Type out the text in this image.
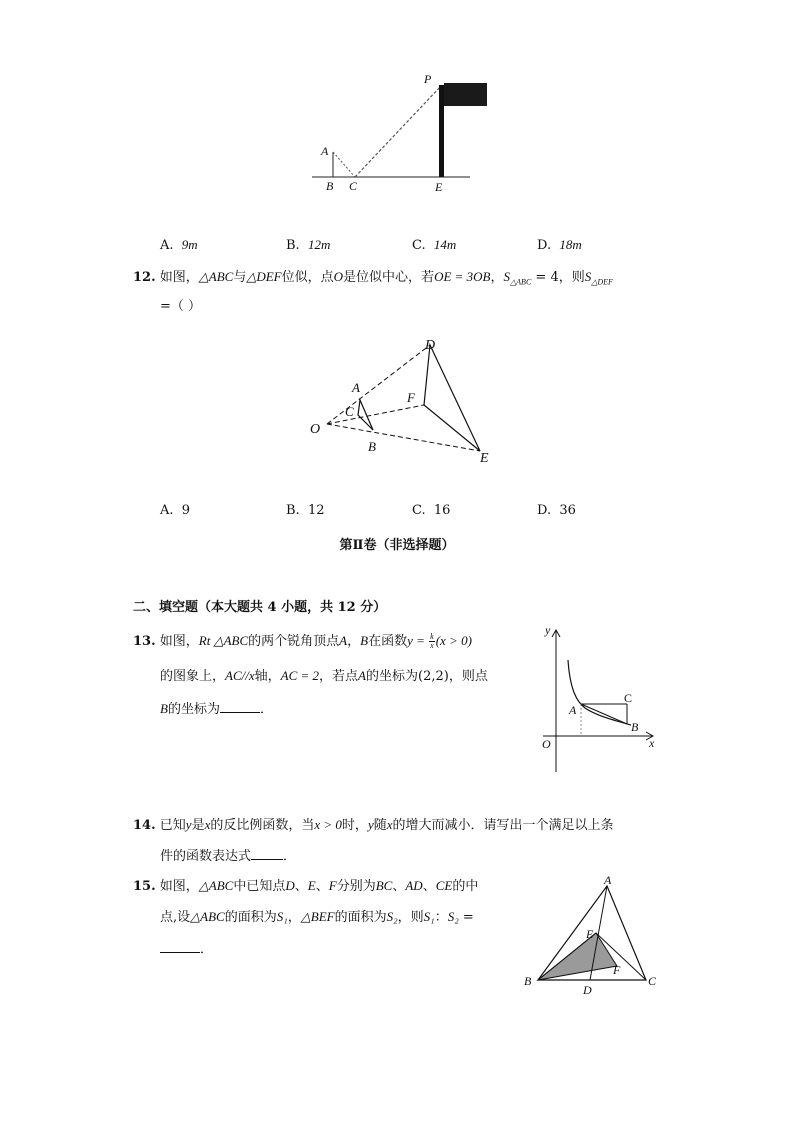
P
A
B C	E
A. 9m	B. 12m	C. 14m	D. 18m
12. 如图，△ABC与△DEF位似，点O是位似中心，若OE = 3OB，$S_{\triangle ABC} = 4$，则$S_{\triangle DEF}$
=（ ）
D
A
C
F
O
B
E
A. 9	B. 12	C. 16	D. 36
第Ⅱ卷（非选择题）
二、填空题（本大题共 4 小题，共 12 分）
13. 如图，Rt △ABC的两个锐角顶点A，B在函数$y = \frac{k}{x} (x > 0)$
的图象上，AC//x轴，AC = 2，若点A的坐标为(2,2)，则点
B的坐标为	．
y
C
A
B
O	x
14. 已知y是x的反比例函数，当x > 0时，y随x的增大而减小．请写出一个满足以上条
件的函数表达式 ．
15. 如图，△ABC中已知点D、E、F分别为BC、AD、CE的中
点,设△ABC的面积为S₁，△BEF的面积为S₂，则S₁：S₂ =
．
A
E
F
B
D
C
